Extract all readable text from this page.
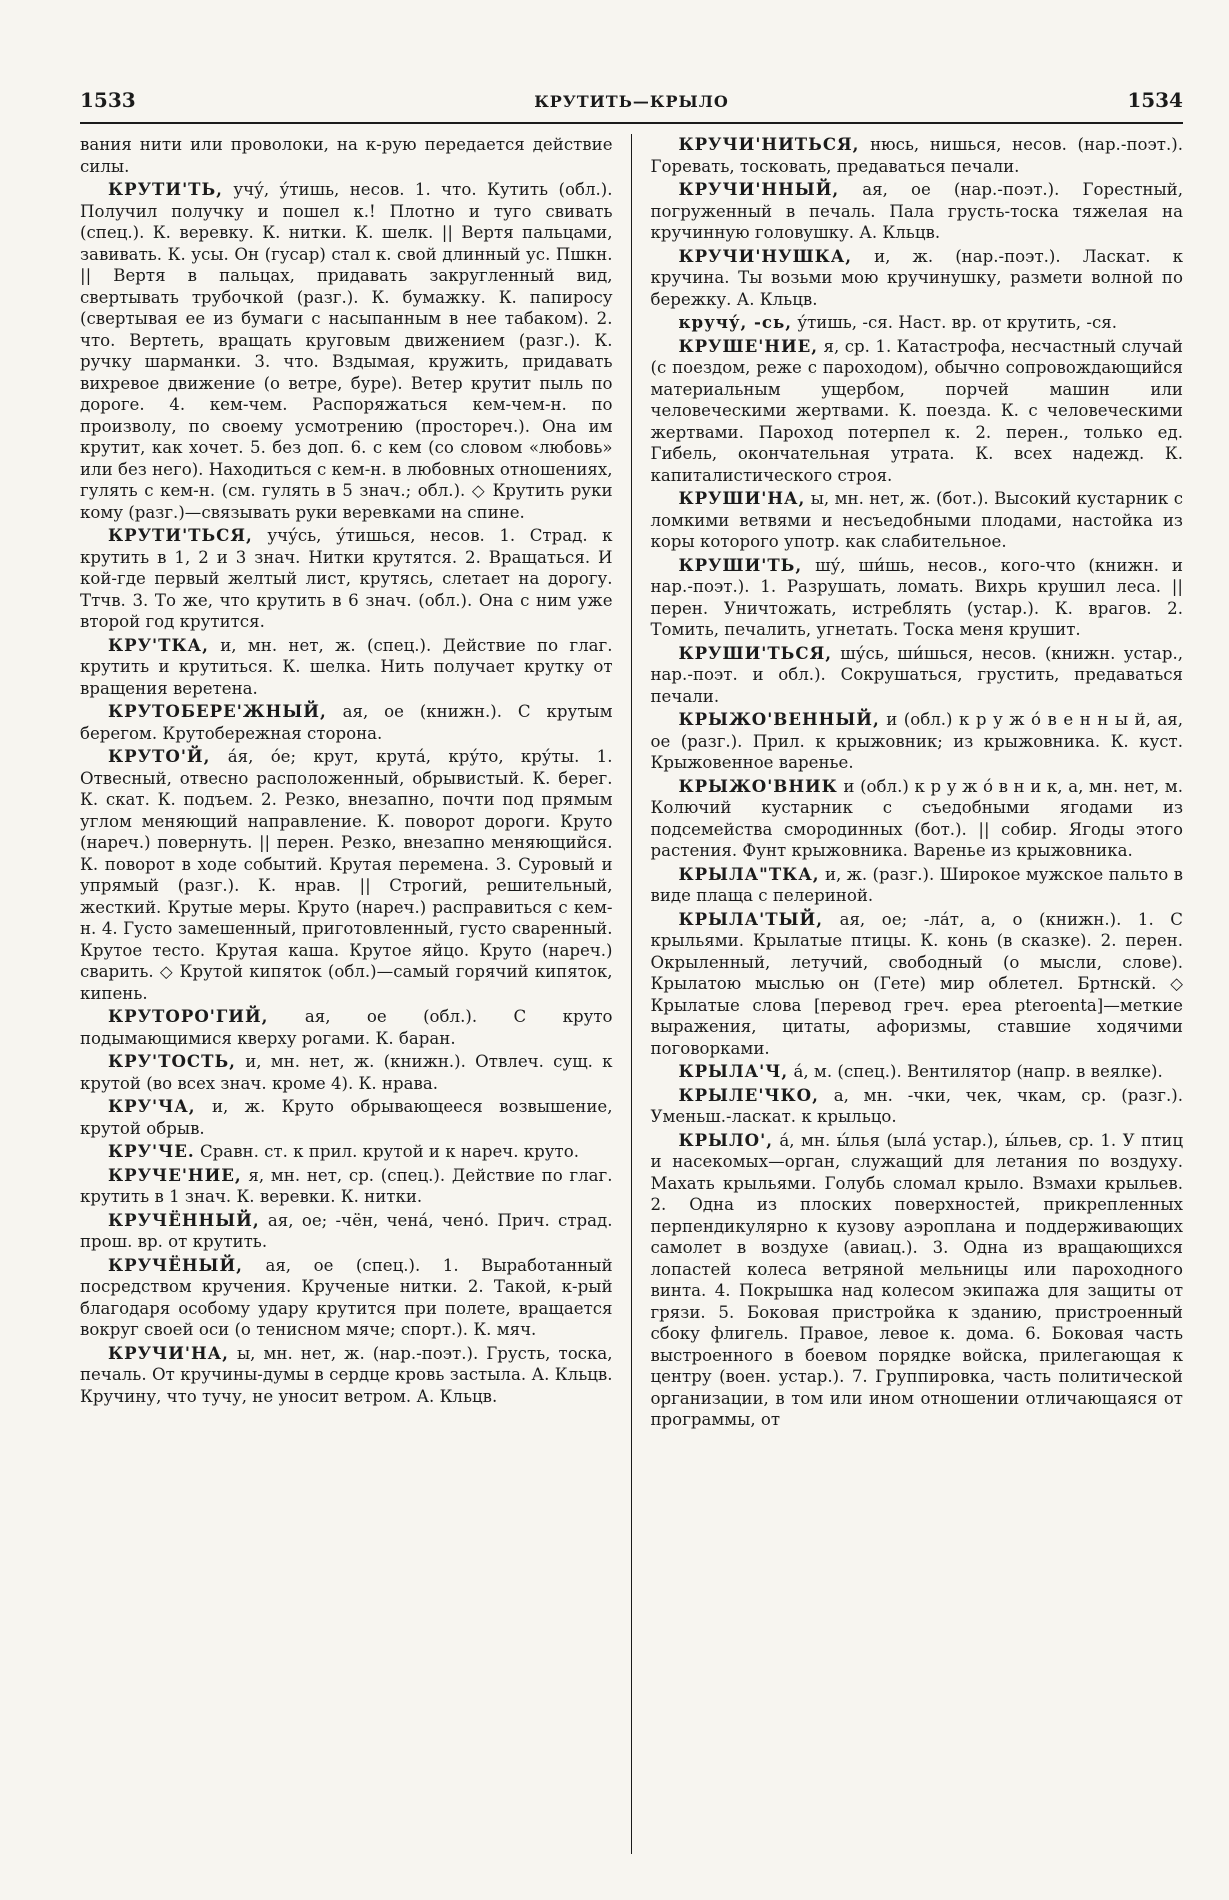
1533	КРУТИТЬ—КРЫЛО	1534

вания нити или проволоки, на к-рую передается действие силы.

КРУТИ'ТЬ, учу́, у́тишь, несов. 1. что. Кутить (обл.). Получил получку и пошел к.! Плотно и туго свивать (спец.). К. веревку. К. нитки. К. шелк. || Вертя пальцами, завивать. К. усы. Он (гусар) стал к. свой длинный ус. Пшкн. || Вертя в пальцах, придавать закругленный вид, свертывать трубочкой (разг.). К. бумажку. К. папиросу (свертывая ее из бумаги с насыпанным в нее табаком). 2. что. Вертеть, вращать круговым движением (разг.). К. ручку шарманки. 3. что. Вздымая, кружить, придавать вихревое движение (о ветре, буре). Ветер крутит пыль по дороге. 4. кем-чем. Распоряжаться кем-чем-н. по произволу, по своему усмотрению (простореч.). Она им крутит, как хочет. 5. без доп. 6. с кем (со словом «любовь» или без него). Находиться с кем-н. в любовных отношениях, гулять с кем-н. (см. гулять в 5 знач.; обл.). ◇ Крутить руки кому (разг.)—связывать руки веревками на спине.

КРУТИ'ТЬСЯ, учу́сь, у́тишься, несов. 1. Страд. к крутить в 1, 2 и 3 знач. Нитки крутятся. 2. Вращаться. И кой-где первый желтый лист, крутясь, слетает на дорогу. Ттчв. 3. То же, что крутить в 6 знач. (обл.). Она с ним уже второй год крутится.

КРУ'ТКА, и, мн. нет, ж. (спец.). Действие по глаг. крутить и крутиться. К. шелка. Нить получает крутку от вращения веретена.

КРУТОБЕРЕ'ЖНЫЙ, ая, ое (книжн.). С крутым берегом. Крутобережная сторона.

КРУТО'Й, а́я, о́е; крут, крута́, кру́то, кру́ты. 1. Отвесный, отвесно расположенный, обрывистый. К. берег. К. скат. К. подъем. 2. Резко, внезапно, почти под прямым углом меняющий направление. К. поворот дороги. Круто (нареч.) повернуть. || перен. Резко, внезапно меняющийся. К. поворот в ходе событий. Крутая перемена. 3. Суровый и упрямый (разг.). К. нрав. || Строгий, решительный, жесткий. Крутые меры. Круто (нареч.) расправиться с кем-н. 4. Густо замешенный, приготовленный, густо сваренный. Крутое тесто. Крутая каша. Крутое яйцо. Круто (нареч.) сварить. ◇ Крутой кипяток (обл.)—самый горячий кипяток, кипень.

КРУТОРО'ГИЙ, ая, ое (обл.). С круто подымающимися кверху рогами. К. баран.

КРУ'ТОСТЬ, и, мн. нет, ж. (книжн.). Отвлеч. сущ. к крутой (во всех знач. кроме 4). К. нрава.

КРУ'ЧА, и, ж. Круто обрывающееся возвышение, крутой обрыв.

КРУ'ЧЕ. Сравн. ст. к прил. крутой и к нареч. круто.

КРУЧЕ'НИЕ, я, мн. нет, ср. (спец.). Действие по глаг. крутить в 1 знач. К. веревки. К. нитки.

КРУЧЁННЫЙ, ая, ое; -чён, чена́, чено́. Прич. страд. прош. вр. от крутить.

КРУЧЁНЫЙ, ая, ое (спец.). 1. Выработанный посредством кручения. Крученые нитки. 2. Такой, к-рый благодаря особому удару крутится при полете, вращается вокруг своей оси (о тенисном мяче; спорт.). К. мяч.

КРУЧИ'НА, ы, мн. нет, ж. (нар.-поэт.). Грусть, тоска, печаль. От кручины-думы в сердце кровь застыла. А. Кльцв. Кручину, что тучу, не уносит ветром. А. Кльцв.

КРУЧИ'НИТЬСЯ, нюсь, нишься, несов. (нар.-поэт.). Горевать, тосковать, предаваться печали.

КРУЧИ'ННЫЙ, ая, ое (нар.-поэт.). Горестный, погруженный в печаль. Пала грусть-тоска тяжелая на кручинную головушку. А. Кльцв.

КРУЧИ'НУШКА, и, ж. (нар.-поэт.). Ласкат. к кручина. Ты возьми мою кручинушку, размети волной по бережку. А. Кльцв.

кручу́, -сь, у́тишь, -ся. Наст. вр. от крутить, -ся.

КРУШЕ'НИЕ, я, ср. 1. Катастрофа, несчастный случай (с поездом, реже с пароходом), обычно сопровождающийся материальным ущербом, порчей машин или человеческими жертвами. К. поезда. К. с человеческими жертвами. Пароход потерпел к. 2. перен., только ед. Гибель, окончательная утрата. К. всех надежд. К. капиталистического строя.

КРУШИ'НА, ы, мн. нет, ж. (бот.). Высокий кустарник с ломкими ветвями и несъедобными плодами, настойка из коры которого употр. как слабительное.

КРУШИ'ТЬ, шу́, ши́шь, несов., кого-что (книжн. и нар.-поэт.). 1. Разрушать, ломать. Вихрь крушил леса. || перен. Уничтожать, истреблять (устар.). К. врагов. 2. Томить, печалить, угнетать. Тоска меня крушит.

КРУШИ'ТЬСЯ, шу́сь, ши́шься, несов. (книжн. устар., нар.-поэт. и обл.). Сокрушаться, грустить, предаваться печали.

КРЫЖО'ВЕННЫЙ, и (обл.) к р у ж о́ в е н н ы й, ая, ое (разг.). Прил. к крыжовник; из крыжовника. К. куст. Крыжовенное варенье.

КРЫЖО'ВНИК и (обл.) к р у ж о́ в н и к, а, мн. нет, м. Колючий кустарник с съедобными ягодами из подсемейства смородинных (бот.). || собир. Ягоды этого растения. Фунт крыжовника. Варенье из крыжовника.

КРЫЛА"ТКА, и, ж. (разг.). Широкое мужское пальто в виде плаща с пелериной.

КРЫЛА'ТЫЙ, ая, ое; -ла́т, а, о (книжн.). 1. С крыльями. Крылатые птицы. К. конь (в сказке). 2. перен. Окрыленный, летучий, свободный (о мысли, слове). Крылатою мыслью он (Гете) мир облетел. Бртнскй. ◇ Крылатые слова [перевод греч. epea pteroenta]—меткие выражения, цитаты, афоризмы, ставшие ходячими поговорками.

КРЫЛА'Ч, а́, м. (спец.). Вентилятор (напр. в веялке).

КРЫЛЕ'ЧКО, а, мн. -чки, чек, чкам, ср. (разг.). Уменьш.-ласкат. к крыльцо.

КРЫЛО', а́, мн. ы́лья (ыла́ устар.), ы́льев, ср. 1. У птиц и насекомых—орган, служащий для летания по воздуху. Махать крыльями. Голубь сломал крыло. Взмахи крыльев. 2. Одна из плоских поверхностей, прикрепленных перпендикулярно к кузову аэроплана и поддерживающих самолет в воздухе (авиац.). 3. Одна из вращающихся лопастей колеса ветряной мельницы или пароходного винта. 4. Покрышка над колесом экипажа для защиты от грязи. 5. Боковая пристройка к зданию, пристроенный сбоку флигель. Правое, левое к. дома. 6. Боковая часть выстроенного в боевом порядке войска, прилегающая к центру (воен. устар.). 7. Группировка, часть политической организации, в том или ином отношении отличающаяся от программы, от
